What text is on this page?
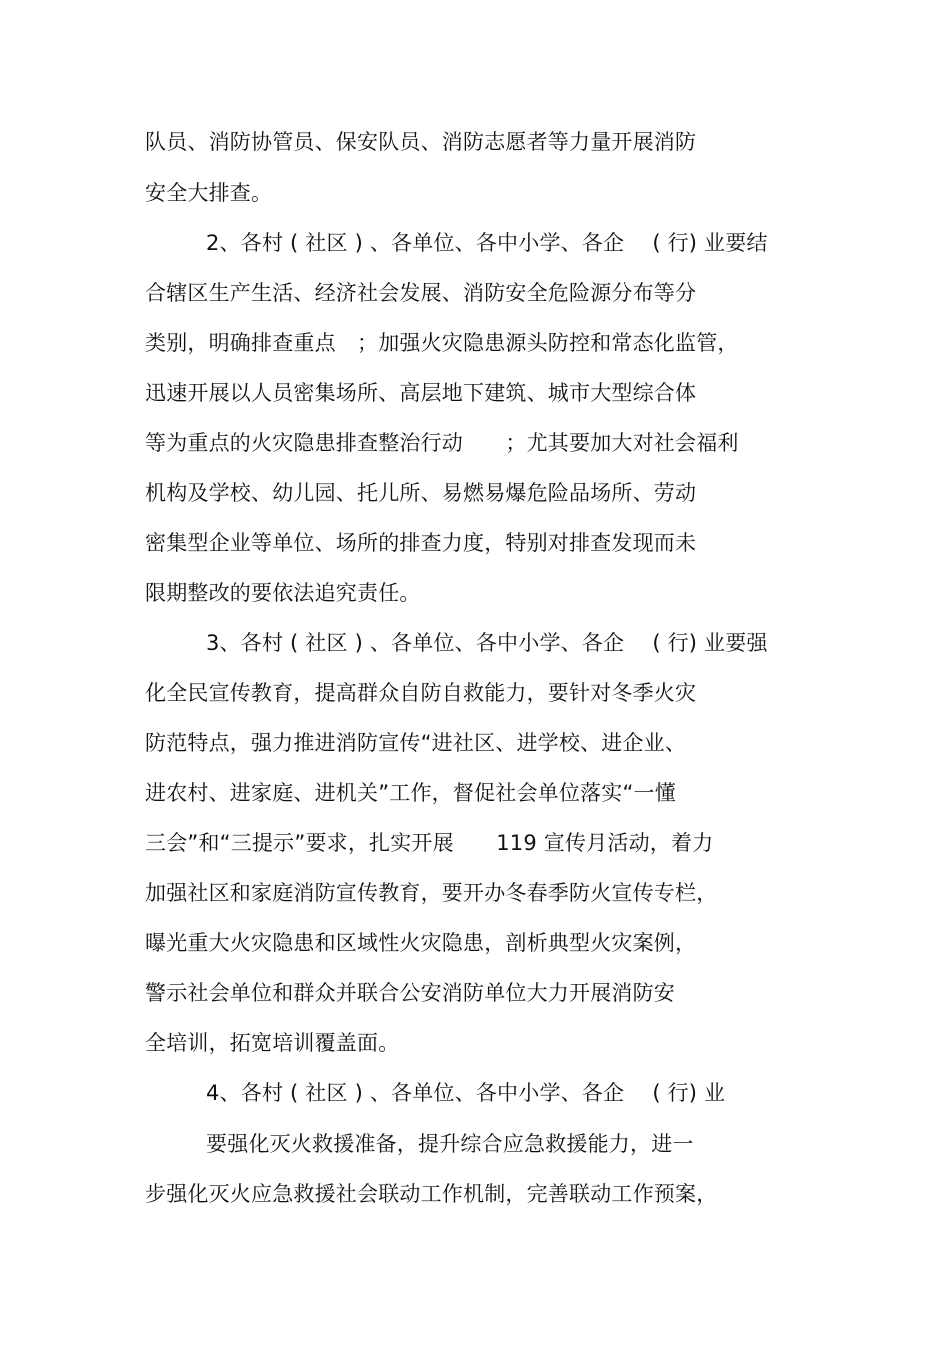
队员、消防协管员、保安队员、消防志愿者等力量开展消防
安全大排查。
2、各村 ( 社区 ) 、各单位、各中小学、各企　 ( 行) 业要结
合辖区生产生活、经济社会发展、消防安全危险源分布等分
类别，明确排查重点　；加强火灾隐患源头防控和常态化监管，
迅速开展以人员密集场所、高层地下建筑、城市大型综合体
等为重点的火灾隐患排查整治行动　　；尤其要加大对社会福利
机构及学校、幼儿园、托儿所、易燃易爆危险品场所、劳动
密集型企业等单位、场所的排查力度，特别对排查发现而未
限期整改的要依法追究责任。
3、各村 ( 社区 ) 、各单位、各中小学、各企　 ( 行) 业要强
化全民宣传教育，提高群众自防自救能力，要针对冬季火灾
防范特点，强力推进消防宣传“进社区、进学校、进企业、
进农村、进家庭、进机关”工作，督促社会单位落实“一懂
三会”和“三提示”要求，扎实开展　　119 宣传月活动，着力
加强社区和家庭消防宣传教育，要开办冬春季防火宣传专栏，
曝光重大火灾隐患和区域性火灾隐患，剖析典型火灾案例，
警示社会单位和群众并联合公安消防单位大力开展消防安
全培训，拓宽培训覆盖面。
4、各村 ( 社区 ) 、各单位、各中小学、各企　 ( 行) 业
要强化灭火救援准备，提升综合应急救援能力，进一
步强化灭火应急救援社会联动工作机制，完善联动工作预案，
